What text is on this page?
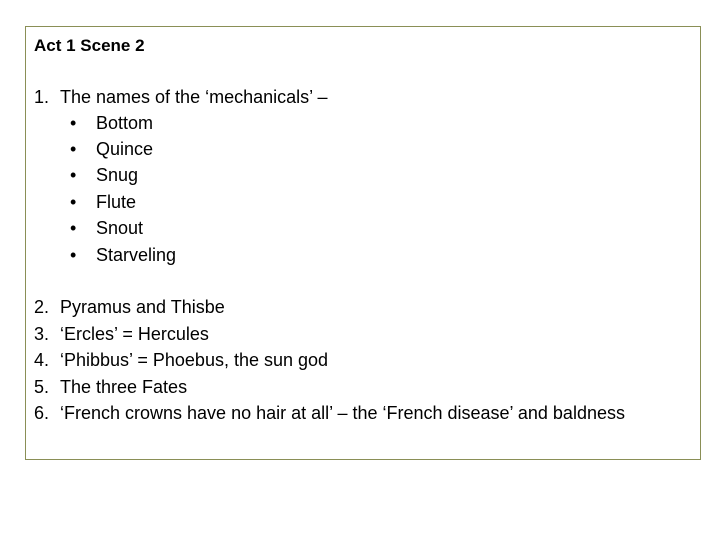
Act 1 Scene 2
1. The names of the ‘mechanicals’ –
• Bottom
• Quince
• Snug
• Flute
• Snout
• Starveling
2. Pyramus and Thisbe
3. ‘Ercles’ = Hercules
4. ‘Phibbus’ = Phoebus, the sun god
5. The three Fates
6. ‘French crowns have no hair at all’ – the ‘French disease’ and baldness
